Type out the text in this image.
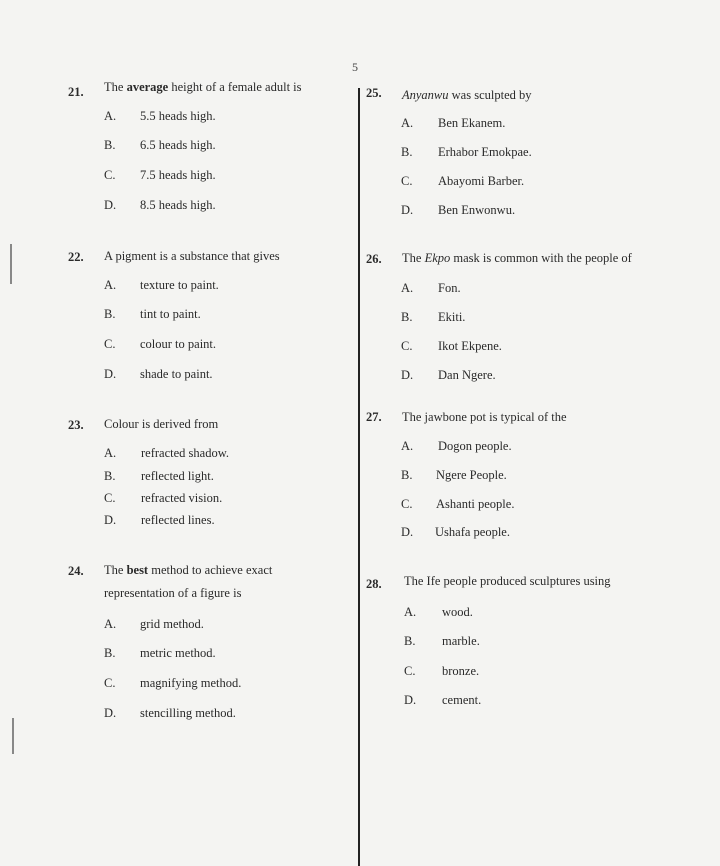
5
21. The average height of a female adult is
A. 5.5 heads high.
B. 6.5 heads high.
C. 7.5 heads high.
D. 8.5 heads high.
22. A pigment is a substance that gives
A. texture to paint.
B. tint to paint.
C. colour to paint.
D. shade to paint.
23. Colour is derived from
A. refracted shadow.
B. reflected light.
C. refracted vision.
D. reflected lines.
24. The best method to achieve exact
representation of a figure is
A. grid method.
B. metric method.
C. magnifying method.
D. stencilling method.
25. Anyanwu was sculpted by
A. Ben Ekanem.
B. Erhabor Emokpae.
C. Abayomi Barber.
D. Ben Enwonwu.
26. The Ekpo mask is common with the people of
A. Fon.
B. Ekiti.
C. Ikot Ekpene.
D. Dan Ngere.
27. The jawbone pot is typical of the
A. Dogon people.
B. Ngere People.
C. Ashanti people.
D. Ushafa people.
28. The Ife people produced sculptures using
A. wood.
B. marble.
C. bronze.
D. cement.
